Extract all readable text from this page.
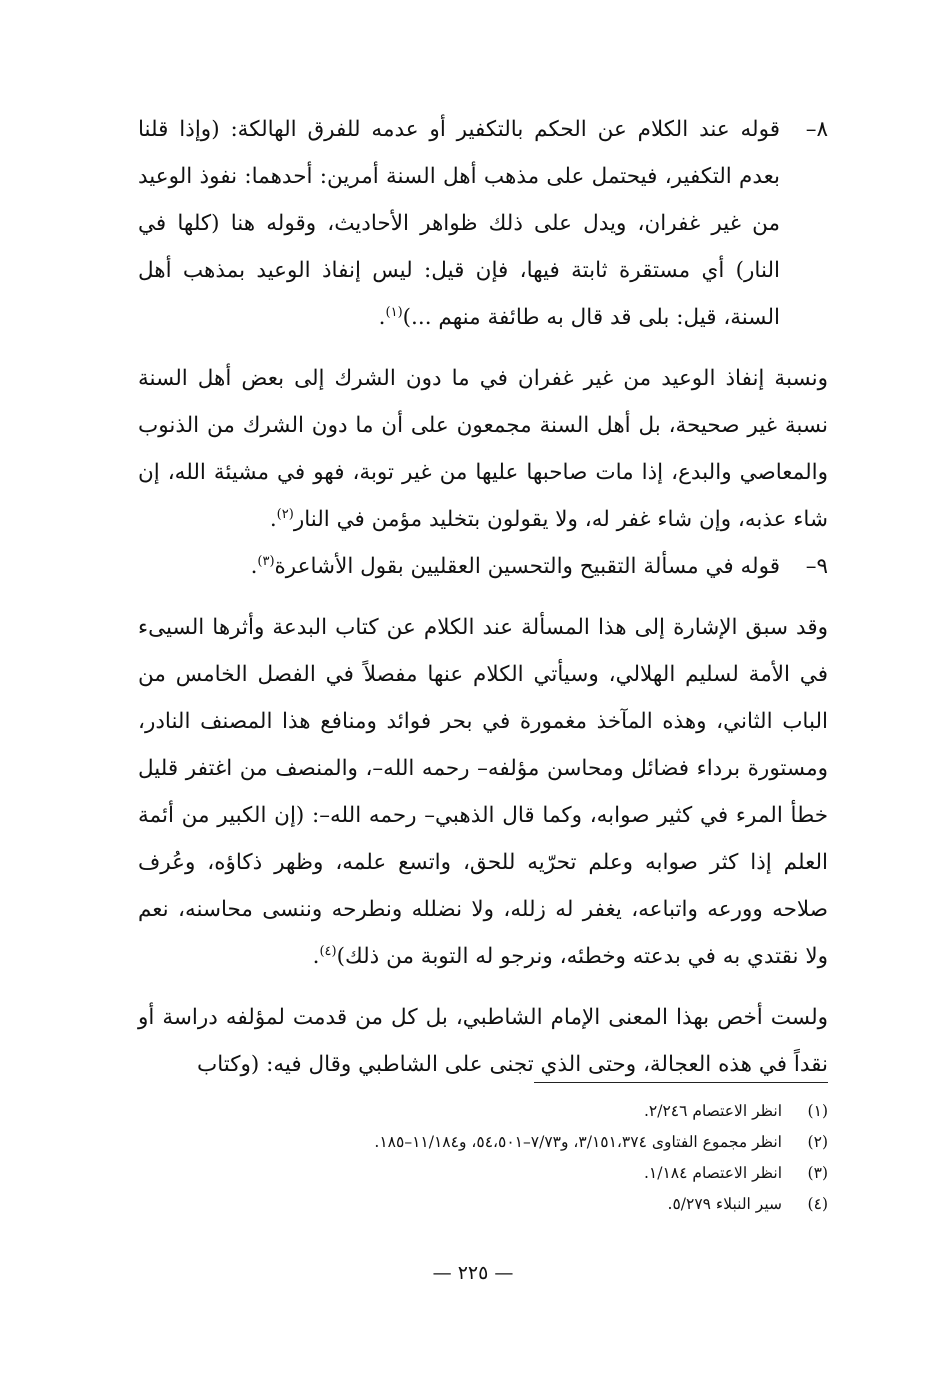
٨–
قوله عند الكلام عن الحكم بالتكفير أو عدمه للفرق الهالكة: (وإذا قلنا بعدم التكفير، فيحتمل على مذهب أهل السنة أمرين: أحدهما: نفوذ الوعيد من غير غفران، ويدل على ذلك ظواهر الأحاديث، وقوله هنا (كلها في النار) أي مستقرة ثابتة فيها، فإن قيل: ليس إنفاذ الوعيد بمذهب أهل السنة، قيل: بلى قد قال به طائفة منهم ...)$^{(١)}$.

ونسبة إنفاذ الوعيد من غير غفران في ما دون الشرك إلى بعض أهل السنة نسبة غير صحيحة، بل أهل السنة مجمعون على أن ما دون الشرك من الذنوب والمعاصي والبدع، إذا مات صاحبها عليها من غير توبة، فهو في مشيئة الله، إن شاء عذبه، وإن شاء غفر له، ولا يقولون بتخليد مؤمن في النار$^{(٢)}$.

٩–
قوله في مسألة التقبيح والتحسين العقليين بقول الأشاعرة$^{(٣)}$.

وقد سبق الإشارة إلى هذا المسألة عند الكلام عن كتاب البدعة وأثرها السيىء في الأمة لسليم الهلالي، وسيأتي الكلام عنها مفصلاً في الفصل الخامس من الباب الثاني، وهذه المآخذ مغمورة في بحر فوائد ومنافع هذا المصنف النادر، ومستورة برداء فضائل ومحاسن مؤلفه– رحمه الله–، والمنصف من اغتفر قليل خطأ المرء في كثير صوابه، وكما قال الذهبي– رحمه الله–: (إن الكبير من أئمة العلم إذا كثر صوابه وعلم تحرّيه للحق، واتسع علمه، وظهر ذكاؤه، وعُرف صلاحه وورعه واتباعه، يغفر له زلله، ولا نضلله ونطرحه وننسى محاسنه، نعم ولا نقتدي به في بدعته وخطئه، ونرجو له التوبة من ذلك)$^{(٤)}$.

ولست أخص بهذا المعنى الإمام الشاطبي، بل كل من قدمت لمؤلفه دراسة أو نقداً في هذه العجالة، وحتى الذي تجنى على الشاطبي وقال فيه: (وكتاب

(١)
انظر الاعتصام ٢/٢٤٦.
(٢)
انظر مجموع الفتاوى ٣/١٥١،٣٧٤، و٧/٧٣–٥٤،٥٠١، و١١/١٨٤–١٨٥.
(٣)
انظر الاعتصام ١/١٨٤.
(٤)
سير النبلاء ٥/٢٧٩.
— ٢٢٥ —
